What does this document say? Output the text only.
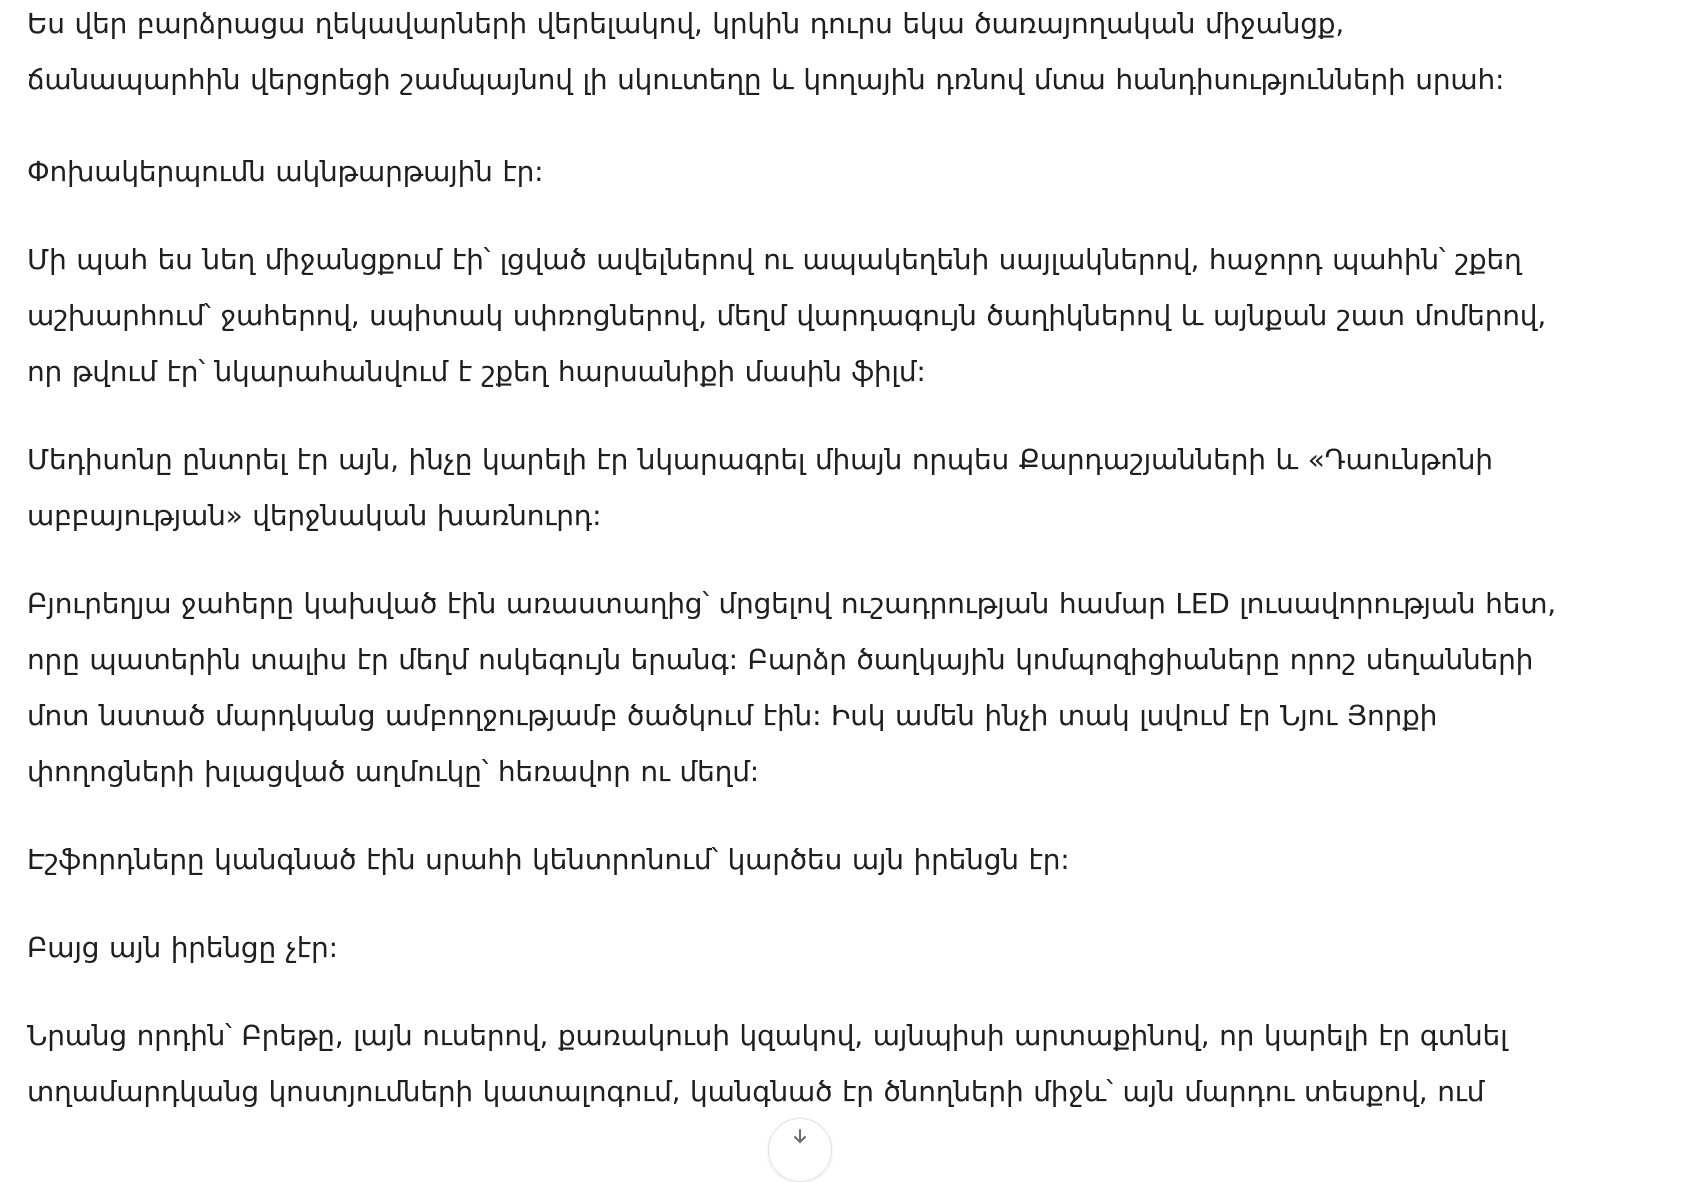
Ես վեր բարձրացա ղեկավարների վերելակով, կրկին դուրս եկա ծառայողական միջանցք, ճանապարհին վերցրեցի շամպայնով լի սկուտեղը և կողային դռնով մտա հանդիսությունների սրահ:

Փոխակերպումն ակնթարթային էր:

Մի պահ ես նեղ միջանցքում էի՝ լցված ավելներով ու ապակեղենի սայլակներով, հաջորդ պահին՝ շքեղ աշխարհում՝ ջահերով, սպիտակ սփռոցներով, մեղմ վարդագույն ծաղիկներով և այնքան շատ մոմերով, որ թվում էր՝ նկարահանվում է շքեղ հարսանիքի մասին ֆիլմ:

Մեդիսոնը ընտրել էր այն, ինչը կարելի էր նկարագրել միայն որպես Քարդաշյանների և «Դաունթոնի աբբայության» վերջնական խառնուրդ:

Բյուրեղյա ջահերը կախված էին առաստաղից՝ մրցելով ուշադրության համար LED լուսավորության հետ, որը պատերին տալիս էր մեղմ ոսկեգույն երանգ: Բարձր ծաղկային կոմպոզիցիաները որոշ սեղանների մոտ նստած մարդկանց ամբողջությամբ ծածկում էին: Իսկ ամեն ինչի տակ լսվում էր Նյու Յորքի փողոցների խլացված աղմուկը՝ հեռավոր ու մեղմ:

Էշֆորդները կանգնած էին սրահի կենտրոնում՝ կարծես այն իրենցն էր:

Բայց այն իրենցը չէր:

Նրանց որդին՝ Բրեթը, լայն ուսերով, քառակուսի կզակով, այնպիսի արտաքինով, որ կարելի էր գտնել տղամարդկանց կոստյումների կատալոգում, կանգնած էր ծնողների միջև՝ այն մարդու տեսքով, ում
